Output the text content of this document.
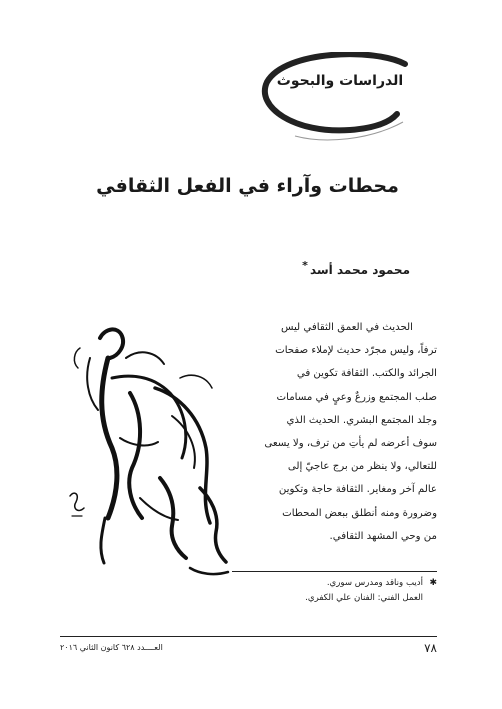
الدراسات والبحوث
محطات وآراء في الفعل الثقافي
محمود محمد أسد*
الحديث في العمق الثقافي ليس
ترفاً، وليس مجرّد حديث لإملاء صفحات
الجرائد والكتب. الثقافة تكوين في
صلب المجتمع وزرعٌ وعيٍ في مسامات
وجلد المجتمع البشري. الحديث الذي
سوف أعرضه لم يأتِ من ترف، ولا يسعى
للتعالي، ولا ينظر من برج عاجيّ إلى
عالم آخر ومغاير. الثقافة حاجة وتكوين
وضرورة ومنه أنطلق ببعض المحطات
من وحي المشهد الثقافي.
✱أديب وناقد ومدرس سوري.
العمل الفني: الفنان علي الكفري.
٧٨
العــــدد ٦٢٨ كانون الثاني ٢٠١٦
